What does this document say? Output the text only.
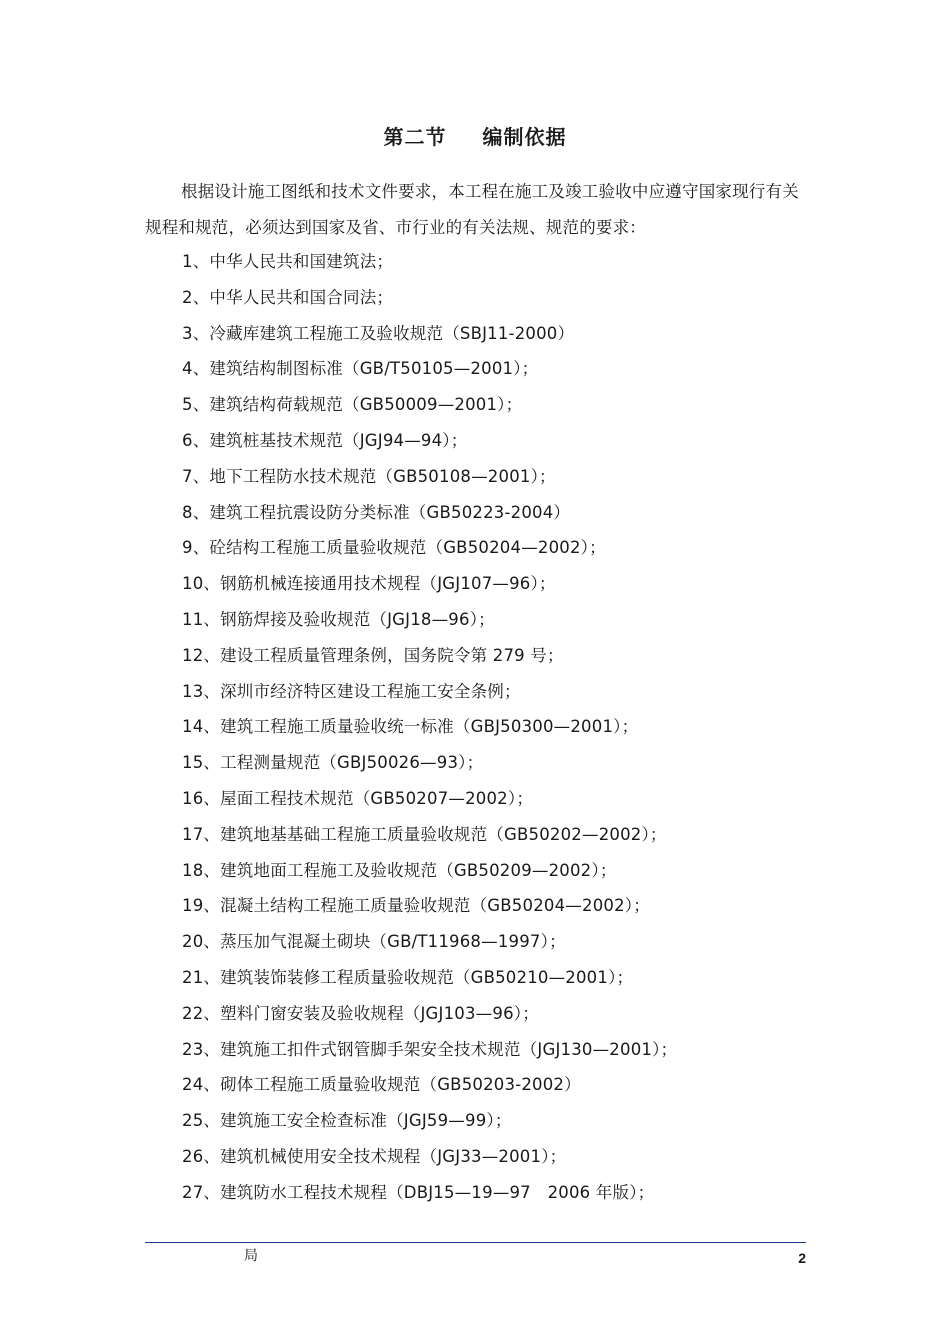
第二节 编制依据
根据设计施工图纸和技术文件要求，本工程在施工及竣工验收中应遵守国家现行有关规程和规范，必须达到国家及省、市行业的有关法规、规范的要求：
1、中华人民共和国建筑法；
2、中华人民共和国合同法；
3、冷藏库建筑工程施工及验收规范（SBJ11-2000）
4、建筑结构制图标准（GB/T50105—2001）；
5、建筑结构荷载规范（GB50009—2001）；
6、建筑桩基技术规范（JGJ94—94）；
7、地下工程防水技术规范（GB50108—2001）；
8、建筑工程抗震设防分类标准（GB50223-2004）
9、砼结构工程施工质量验收规范（GB50204—2002）；
10、钢筋机械连接通用技术规程（JGJ107—96）；
11、钢筋焊接及验收规范（JGJ18—96）；
12、建设工程质量管理条例，国务院令第 279 号；
13、深圳市经济特区建设工程施工安全条例；
14、建筑工程施工质量验收统一标准（GBJ50300—2001）；
15、工程测量规范（GBJ50026—93）；
16、屋面工程技术规范（GB50207—2002）；
17、建筑地基基础工程施工质量验收规范（GB50202—2002）；
18、建筑地面工程施工及验收规范（GB50209—2002）；
19、混凝土结构工程施工质量验收规范（GB50204—2002）；
20、蒸压加气混凝土砌块（GB/T11968—1997）；
21、建筑装饰装修工程质量验收规范（GB50210—2001）；
22、塑料门窗安装及验收规程（JGJ103—96）；
23、建筑施工扣件式钢管脚手架安全技术规范（JGJ130—2001）；
24、砌体工程施工质量验收规范（GB50203-2002）
25、建筑施工安全检查标准（JGJ59—99）；
26、建筑机械使用安全技术规程（JGJ33—2001）；
27、建筑防水工程技术规程（DBJ15—19—97　2006 年版）；
局	2
